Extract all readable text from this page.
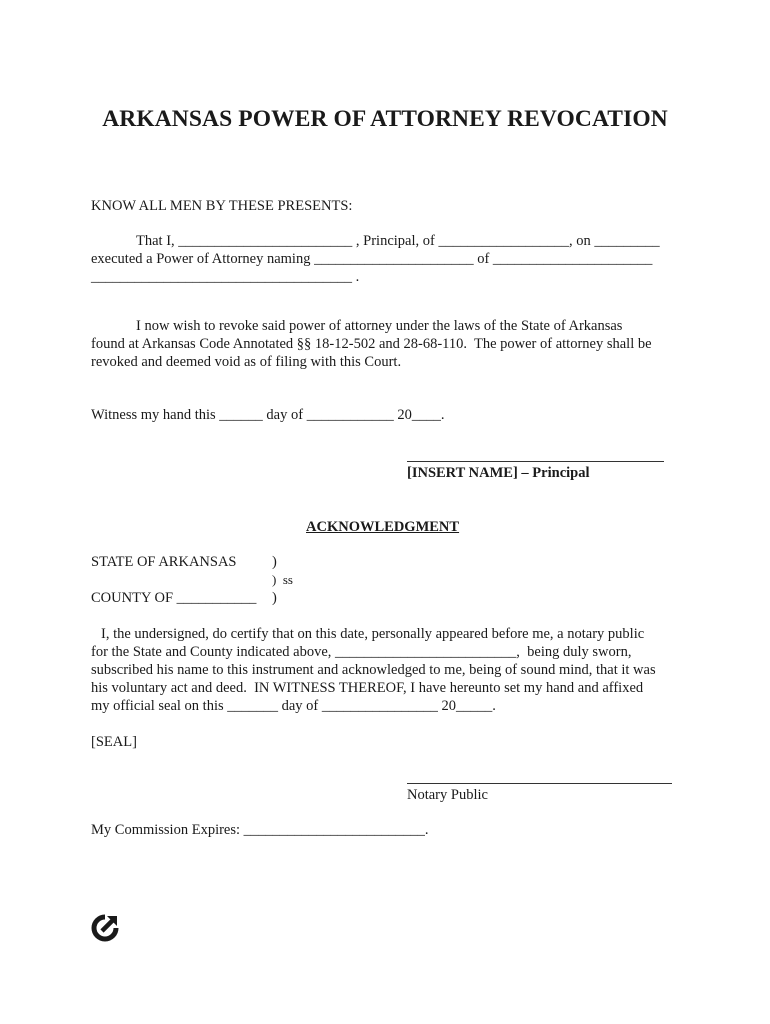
ARKANSAS POWER OF ATTORNEY REVOCATION

KNOW ALL MEN BY THESE PRESENTS:

That I, ________________________ , Principal, of __________________, on _________

executed a Power of Attorney naming ______________________ of ______________________

____________________________________ .

I now wish to revoke said power of attorney under the laws of the State of Arkansas

found at Arkansas Code Annotated §§ 18-12-502 and 28-68-110.  The power of attorney shall be

revoked and deemed void as of filing with this Court.

Witness my hand this ______ day of ____________ 20____.

[INSERT NAME] – Principal

ACKNOWLEDGMENT

STATE OF ARKANSAS )

)  ss

COUNTY OF ___________ )

I, the undersigned, do certify that on this date, personally appeared before me, a notary public

for the State and County indicated above, _________________________,  being duly sworn,

subscribed his name to this instrument and acknowledged to me, being of sound mind, that it was

his voluntary act and deed.  IN WITNESS THEREOF, I have hereunto set my hand and affixed

my official seal on this _______ day of ________________ 20_____.

[SEAL]

Notary Public

My Commission Expires: _________________________.
